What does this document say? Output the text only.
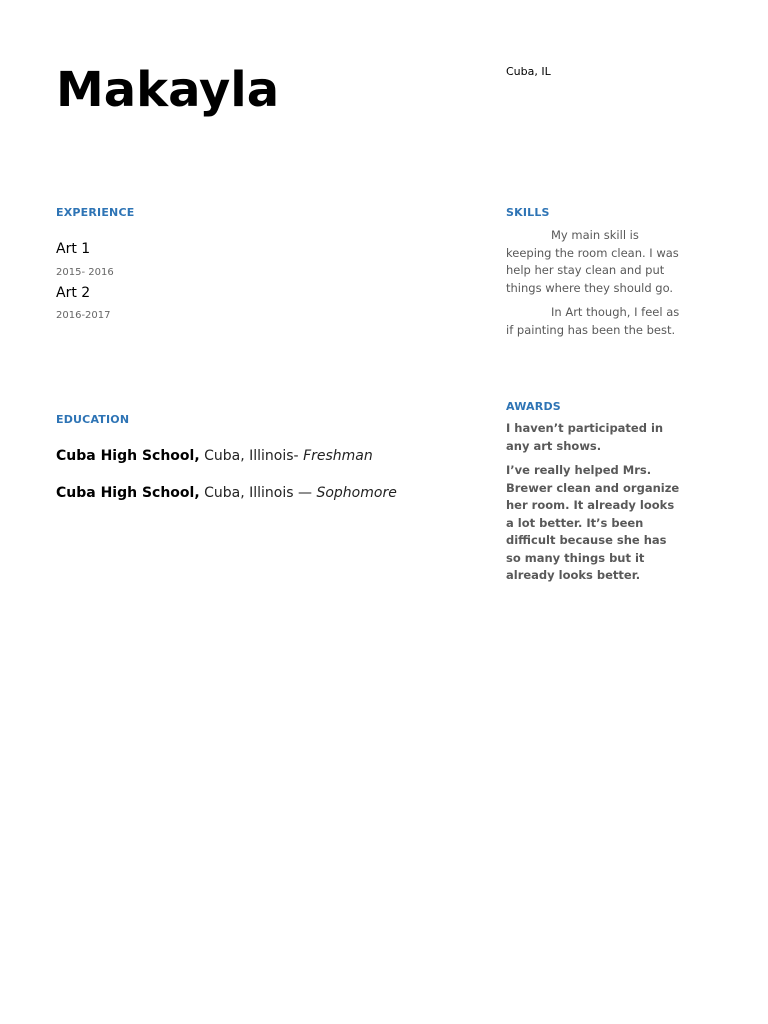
Makayla	Cuba, IL
EXPERIENCE
Art 1
2015- 2016
Art 2
2016-2017
EDUCATION
Cuba High School, Cuba, Illinois- Freshman
Cuba High School, Cuba, Illinois — Sophomore
SKILLS

My main skill is keeping the room clean. I was help her stay clean and put things where they should go.

In Art though, I feel as if painting has been the best.

AWARDS

I haven’t participated in any art shows.

I’ve really helped Mrs. Brewer clean and organize her room. It already looks a lot better. It’s been difficult because she has so many things but it already looks better.
